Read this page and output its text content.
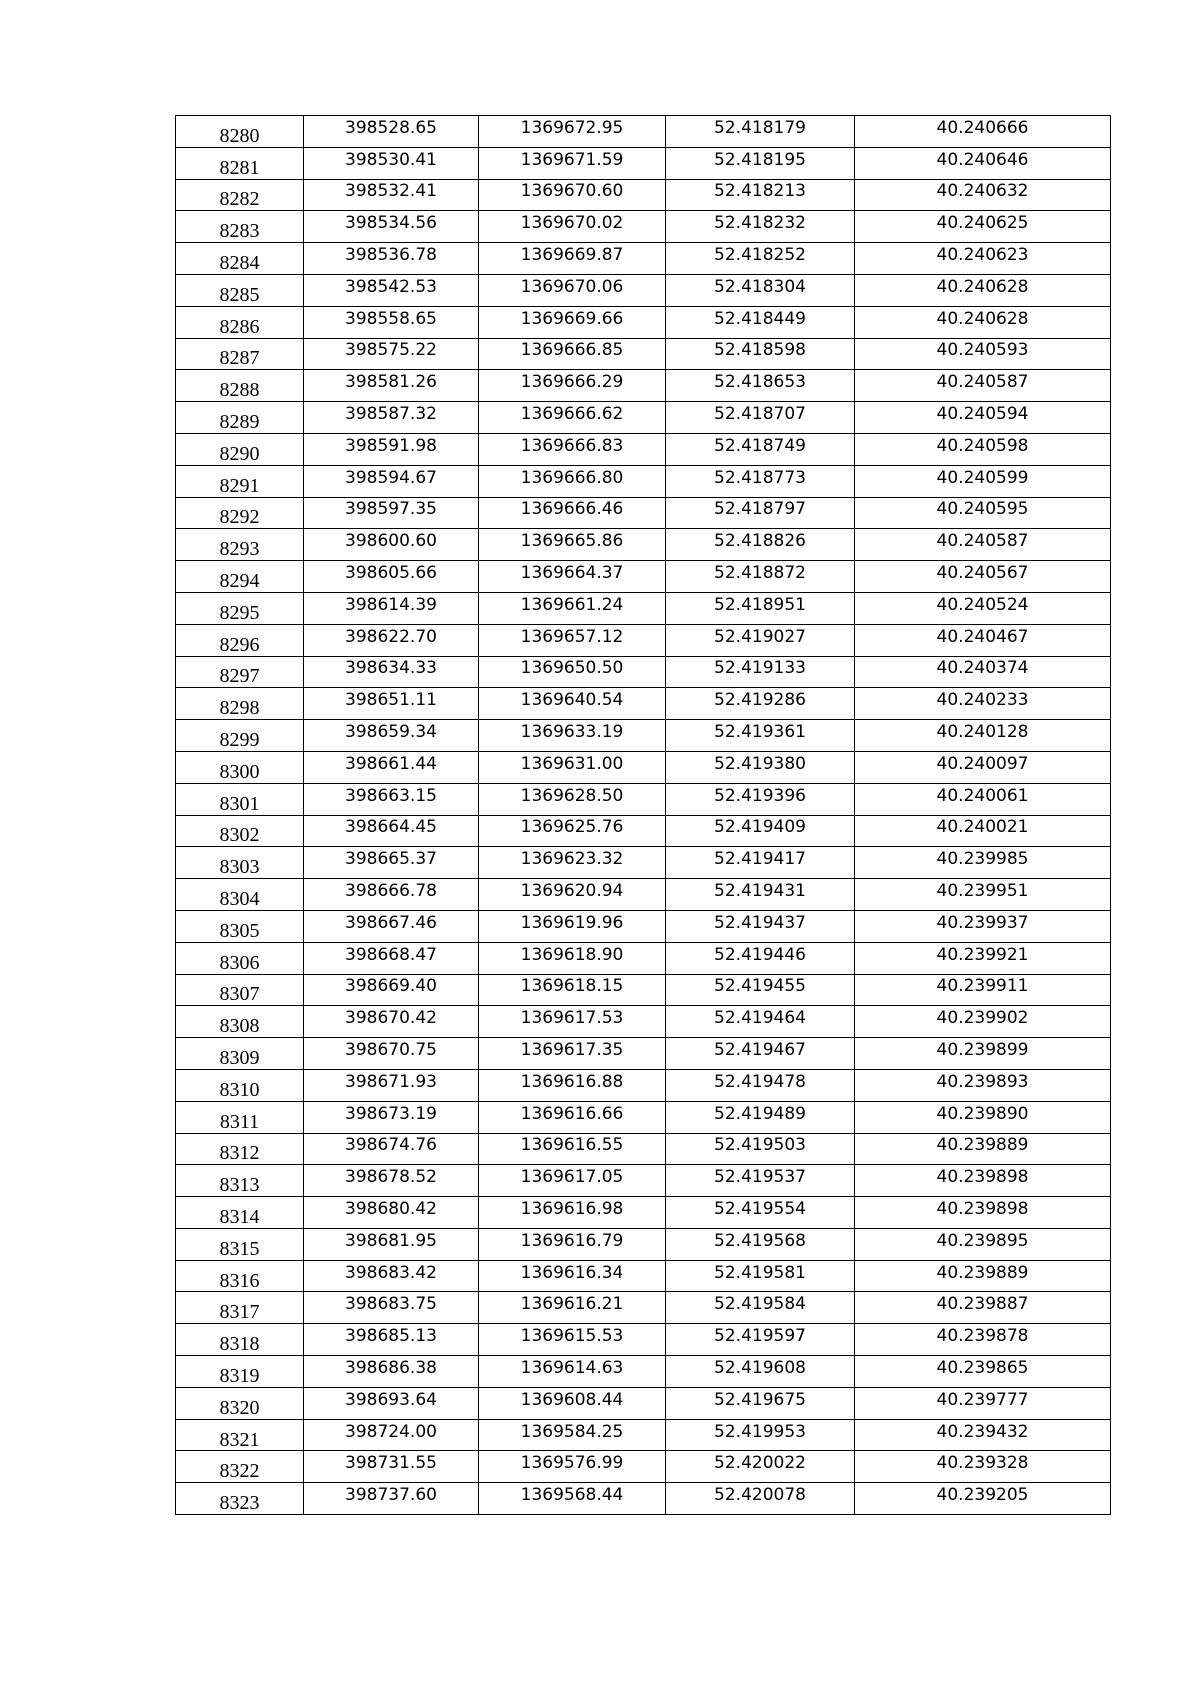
8280	398528.65	1369672.95	52.418179	40.240666
8281	398530.41	1369671.59	52.418195	40.240646
8282	398532.41	1369670.60	52.418213	40.240632
8283	398534.56	1369670.02	52.418232	40.240625
8284	398536.78	1369669.87	52.418252	40.240623
8285	398542.53	1369670.06	52.418304	40.240628
8286	398558.65	1369669.66	52.418449	40.240628
8287	398575.22	1369666.85	52.418598	40.240593
8288	398581.26	1369666.29	52.418653	40.240587
8289	398587.32	1369666.62	52.418707	40.240594
8290	398591.98	1369666.83	52.418749	40.240598
8291	398594.67	1369666.80	52.418773	40.240599
8292	398597.35	1369666.46	52.418797	40.240595
8293	398600.60	1369665.86	52.418826	40.240587
8294	398605.66	1369664.37	52.418872	40.240567
8295	398614.39	1369661.24	52.418951	40.240524
8296	398622.70	1369657.12	52.419027	40.240467
8297	398634.33	1369650.50	52.419133	40.240374
8298	398651.11	1369640.54	52.419286	40.240233
8299	398659.34	1369633.19	52.419361	40.240128
8300	398661.44	1369631.00	52.419380	40.240097
8301	398663.15	1369628.50	52.419396	40.240061
8302	398664.45	1369625.76	52.419409	40.240021
8303	398665.37	1369623.32	52.419417	40.239985
8304	398666.78	1369620.94	52.419431	40.239951
8305	398667.46	1369619.96	52.419437	40.239937
8306	398668.47	1369618.90	52.419446	40.239921
8307	398669.40	1369618.15	52.419455	40.239911
8308	398670.42	1369617.53	52.419464	40.239902
8309	398670.75	1369617.35	52.419467	40.239899
8310	398671.93	1369616.88	52.419478	40.239893
8311	398673.19	1369616.66	52.419489	40.239890
8312	398674.76	1369616.55	52.419503	40.239889
8313	398678.52	1369617.05	52.419537	40.239898
8314	398680.42	1369616.98	52.419554	40.239898
8315	398681.95	1369616.79	52.419568	40.239895
8316	398683.42	1369616.34	52.419581	40.239889
8317	398683.75	1369616.21	52.419584	40.239887
8318	398685.13	1369615.53	52.419597	40.239878
8319	398686.38	1369614.63	52.419608	40.239865
8320	398693.64	1369608.44	52.419675	40.239777
8321	398724.00	1369584.25	52.419953	40.239432
8322	398731.55	1369576.99	52.420022	40.239328
8323	398737.60	1369568.44	52.420078	40.239205
